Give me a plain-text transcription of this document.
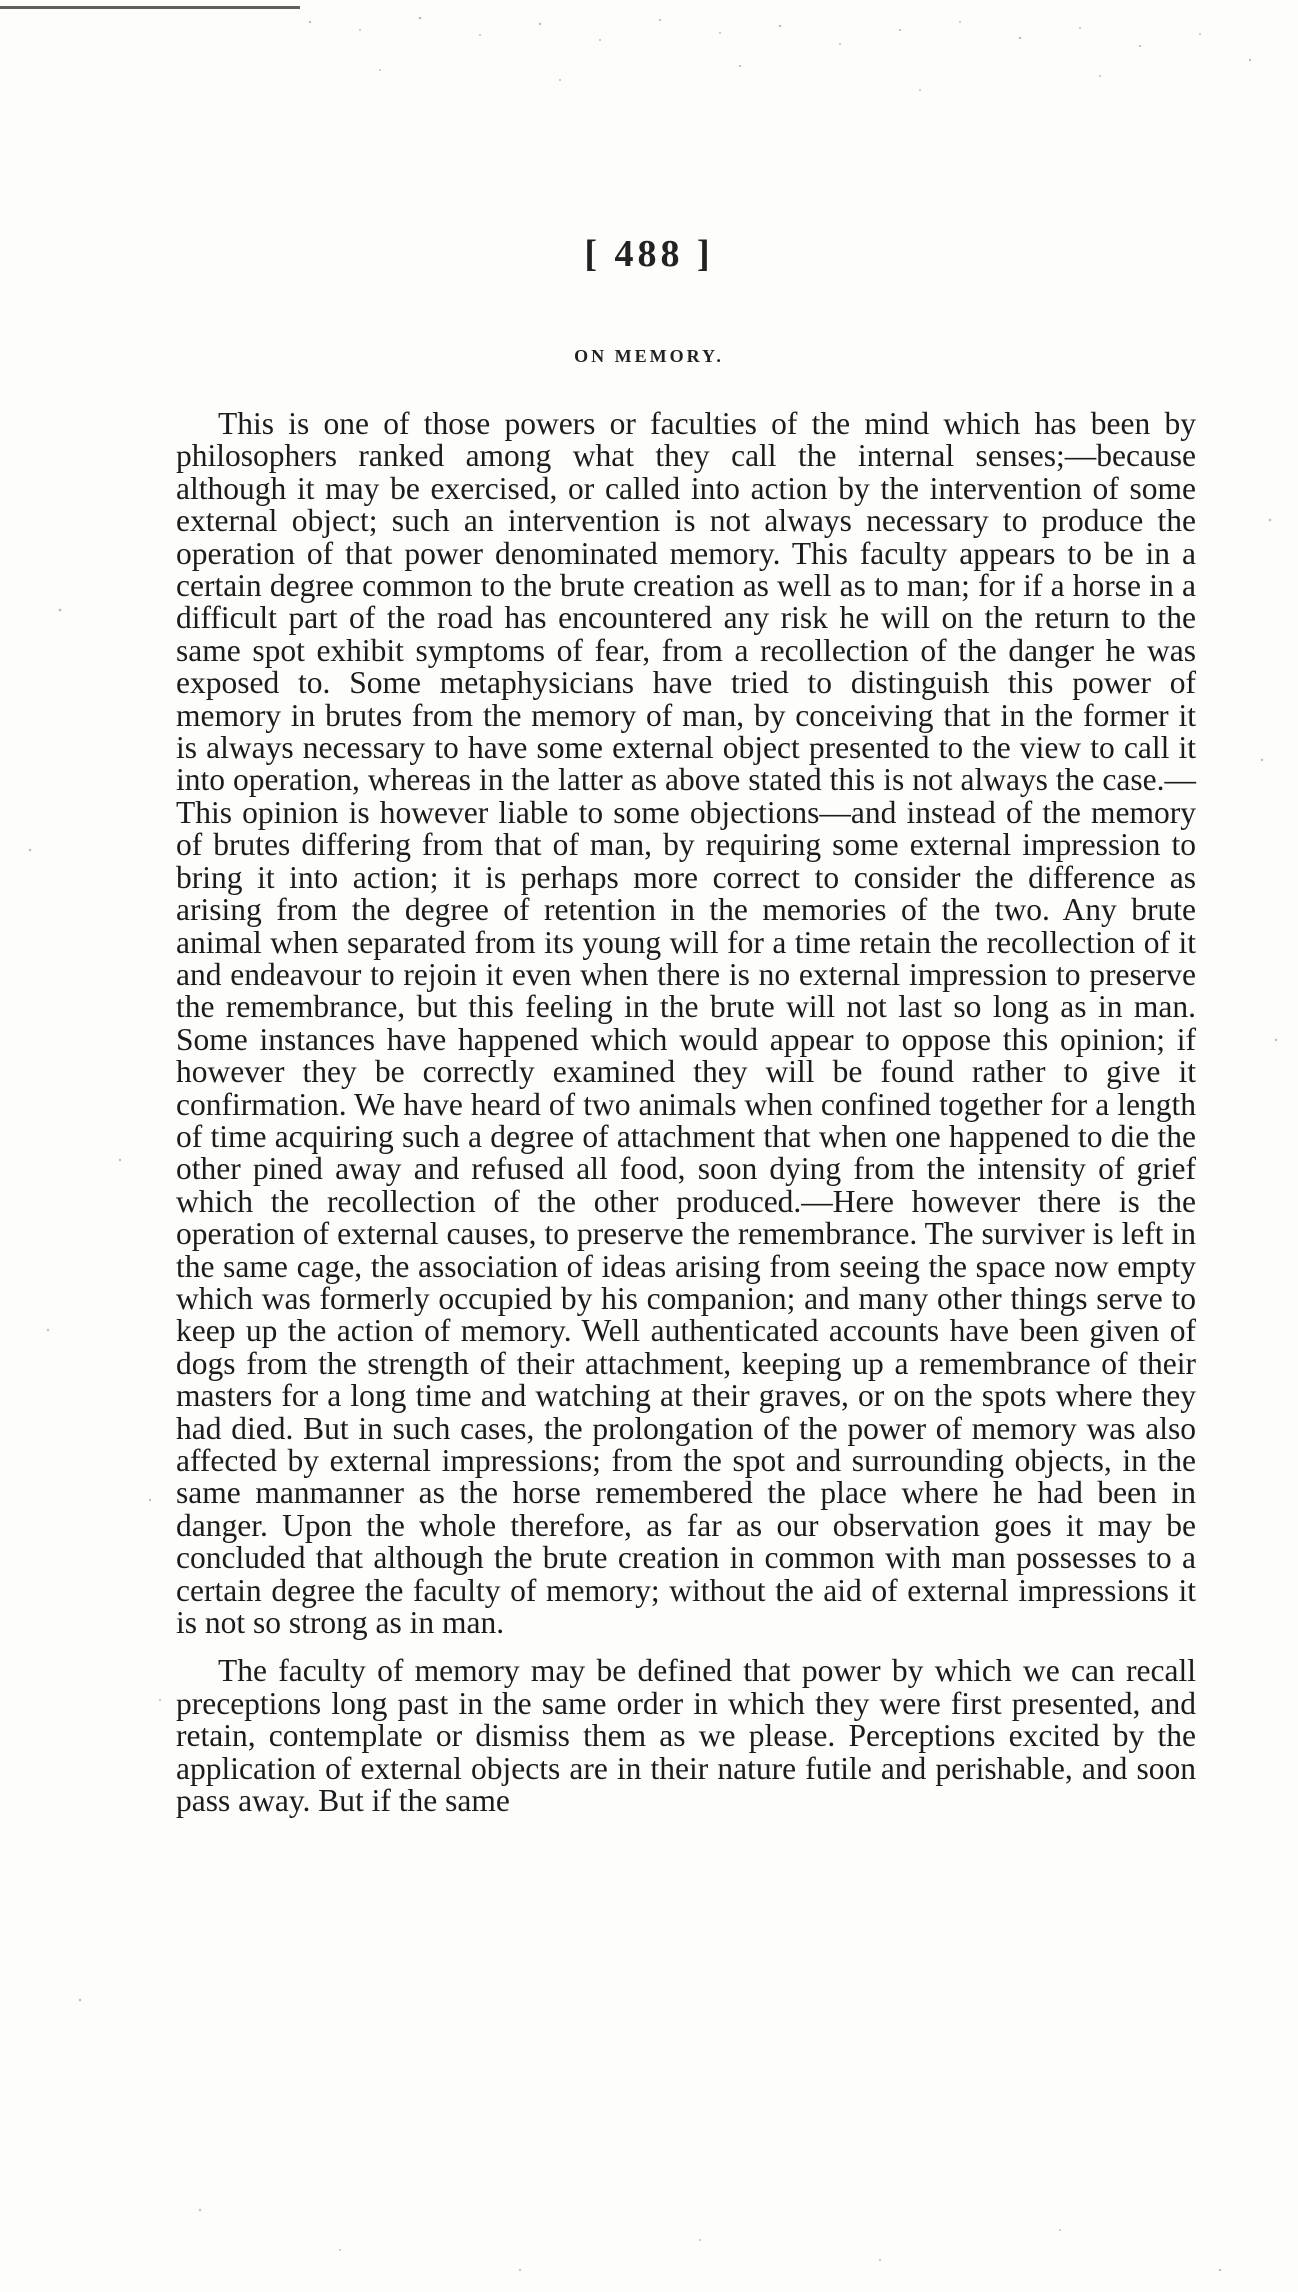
[ 488 ]
ON MEMORY.

This is one of those powers or faculties of the mind which has been by philosophers ranked among what they call the internal senses;—because although it may be exercised, or called into action by the intervention of some external object; such an intervention is not always necessary to produce the operation of that power denominated memory. This faculty appears to be in a certain degree common to the brute creation as well as to man; for if a horse in a difficult part of the road has encountered any risk he will on the return to the same spot exhibit symptoms of fear, from a recollection of the danger he was exposed to. Some metaphysicians have tried to distinguish this power of memory in brutes from the memory of man, by conceiving that in the former it is always necessary to have some external object presented to the view to call it into operation, whereas in the latter as above stated this is not always the case.—This opinion is however liable to some objections—and instead of the memory of brutes differing from that of man, by requiring some external impression to bring it into action; it is perhaps more correct to consider the difference as arising from the degree of retention in the memories of the two. Any brute animal when separated from its young will for a time retain the recollection of it and endeavour to rejoin it even when there is no external impression to preserve the remembrance, but this feeling in the brute will not last so long as in man. Some instances have happened which would appear to oppose this opinion; if however they be correctly examined they will be found rather to give it confirmation. We have heard of two animals when confined together for a length of time acquiring such a degree of attachment that when one happened to die the other pined away and refused all food, soon dying from the intensity of grief which the recollection of the other produced.—Here however there is the operation of external causes, to preserve the remembrance. The surviver is left in the same cage, the association of ideas arising from seeing the space now empty which was formerly occupied by his companion; and many other things serve to keep up the action of memory. Well authenticated accounts have been given of dogs from the strength of their attachment, keeping up a remembrance of their masters for a long time and watching at their graves, or on the spots where they had died. But in such cases, the prolongation of the power of memory was also affected by external impressions; from the spot and surrounding objects, in the same manmanner as the horse remembered the place where he had been in danger. Upon the whole therefore, as far as our observation goes it may be concluded that although the brute creation in common with man possesses to a certain degree the faculty of memory; without the aid of external impressions it is not so strong as in man.

The faculty of memory may be defined that power by which we can recall preceptions long past in the same order in which they were first presented, and retain, contemplate or dismiss them as we please. Perceptions excited by the application of external objects are in their nature futile and perishable, and soon pass away. But if the same
